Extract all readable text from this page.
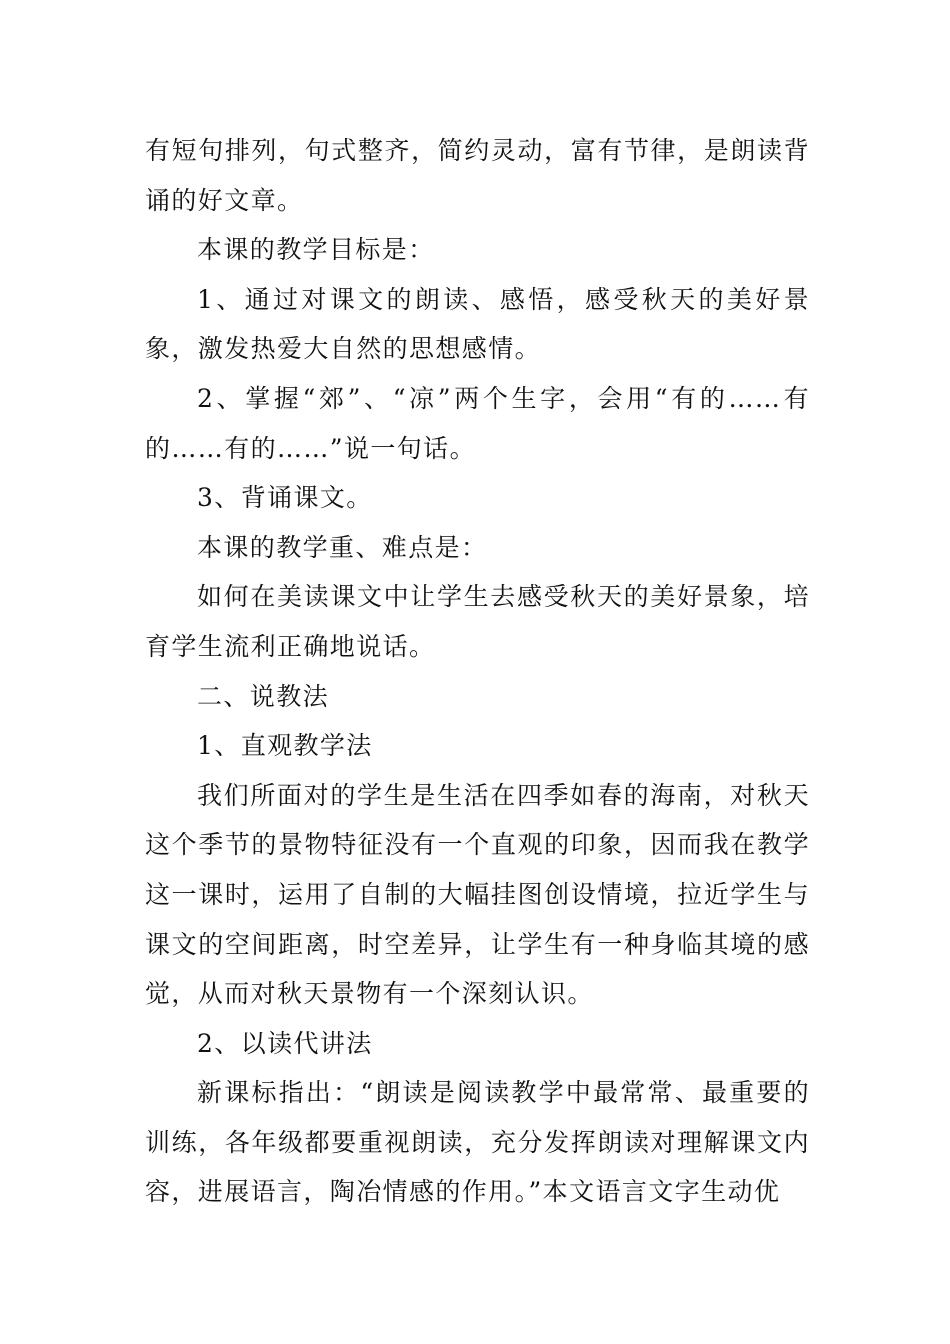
有短句排列，句式整齐，简约灵动，富有节律，是朗读背诵的好文章。

本课的教学目标是：

1、通过对课文的朗读、感悟，感受秋天的美好景象，激发热爱大自然的思想感情。

2、掌握“郊”、“凉”两个生字，会用“有的……有的……有的……”说一句话。

3、背诵课文。

本课的教学重、难点是：

如何在美读课文中让学生去感受秋天的美好景象，培育学生流利正确地说话。

二、说教法

1、直观教学法

我们所面对的学生是生活在四季如春的海南，对秋天这个季节的景物特征没有一个直观的印象，因而我在教学这一课时，运用了自制的大幅挂图创设情境，拉近学生与课文的空间距离，时空差异，让学生有一种身临其境的感觉，从而对秋天景物有一个深刻认识。

2、以读代讲法

新课标指出：“朗读是阅读教学中最常常、最重要的训练，各年级都要重视朗读，充分发挥朗读对理解课文内容，进展语言，陶冶情感的作用。”本文语言文字生动优
